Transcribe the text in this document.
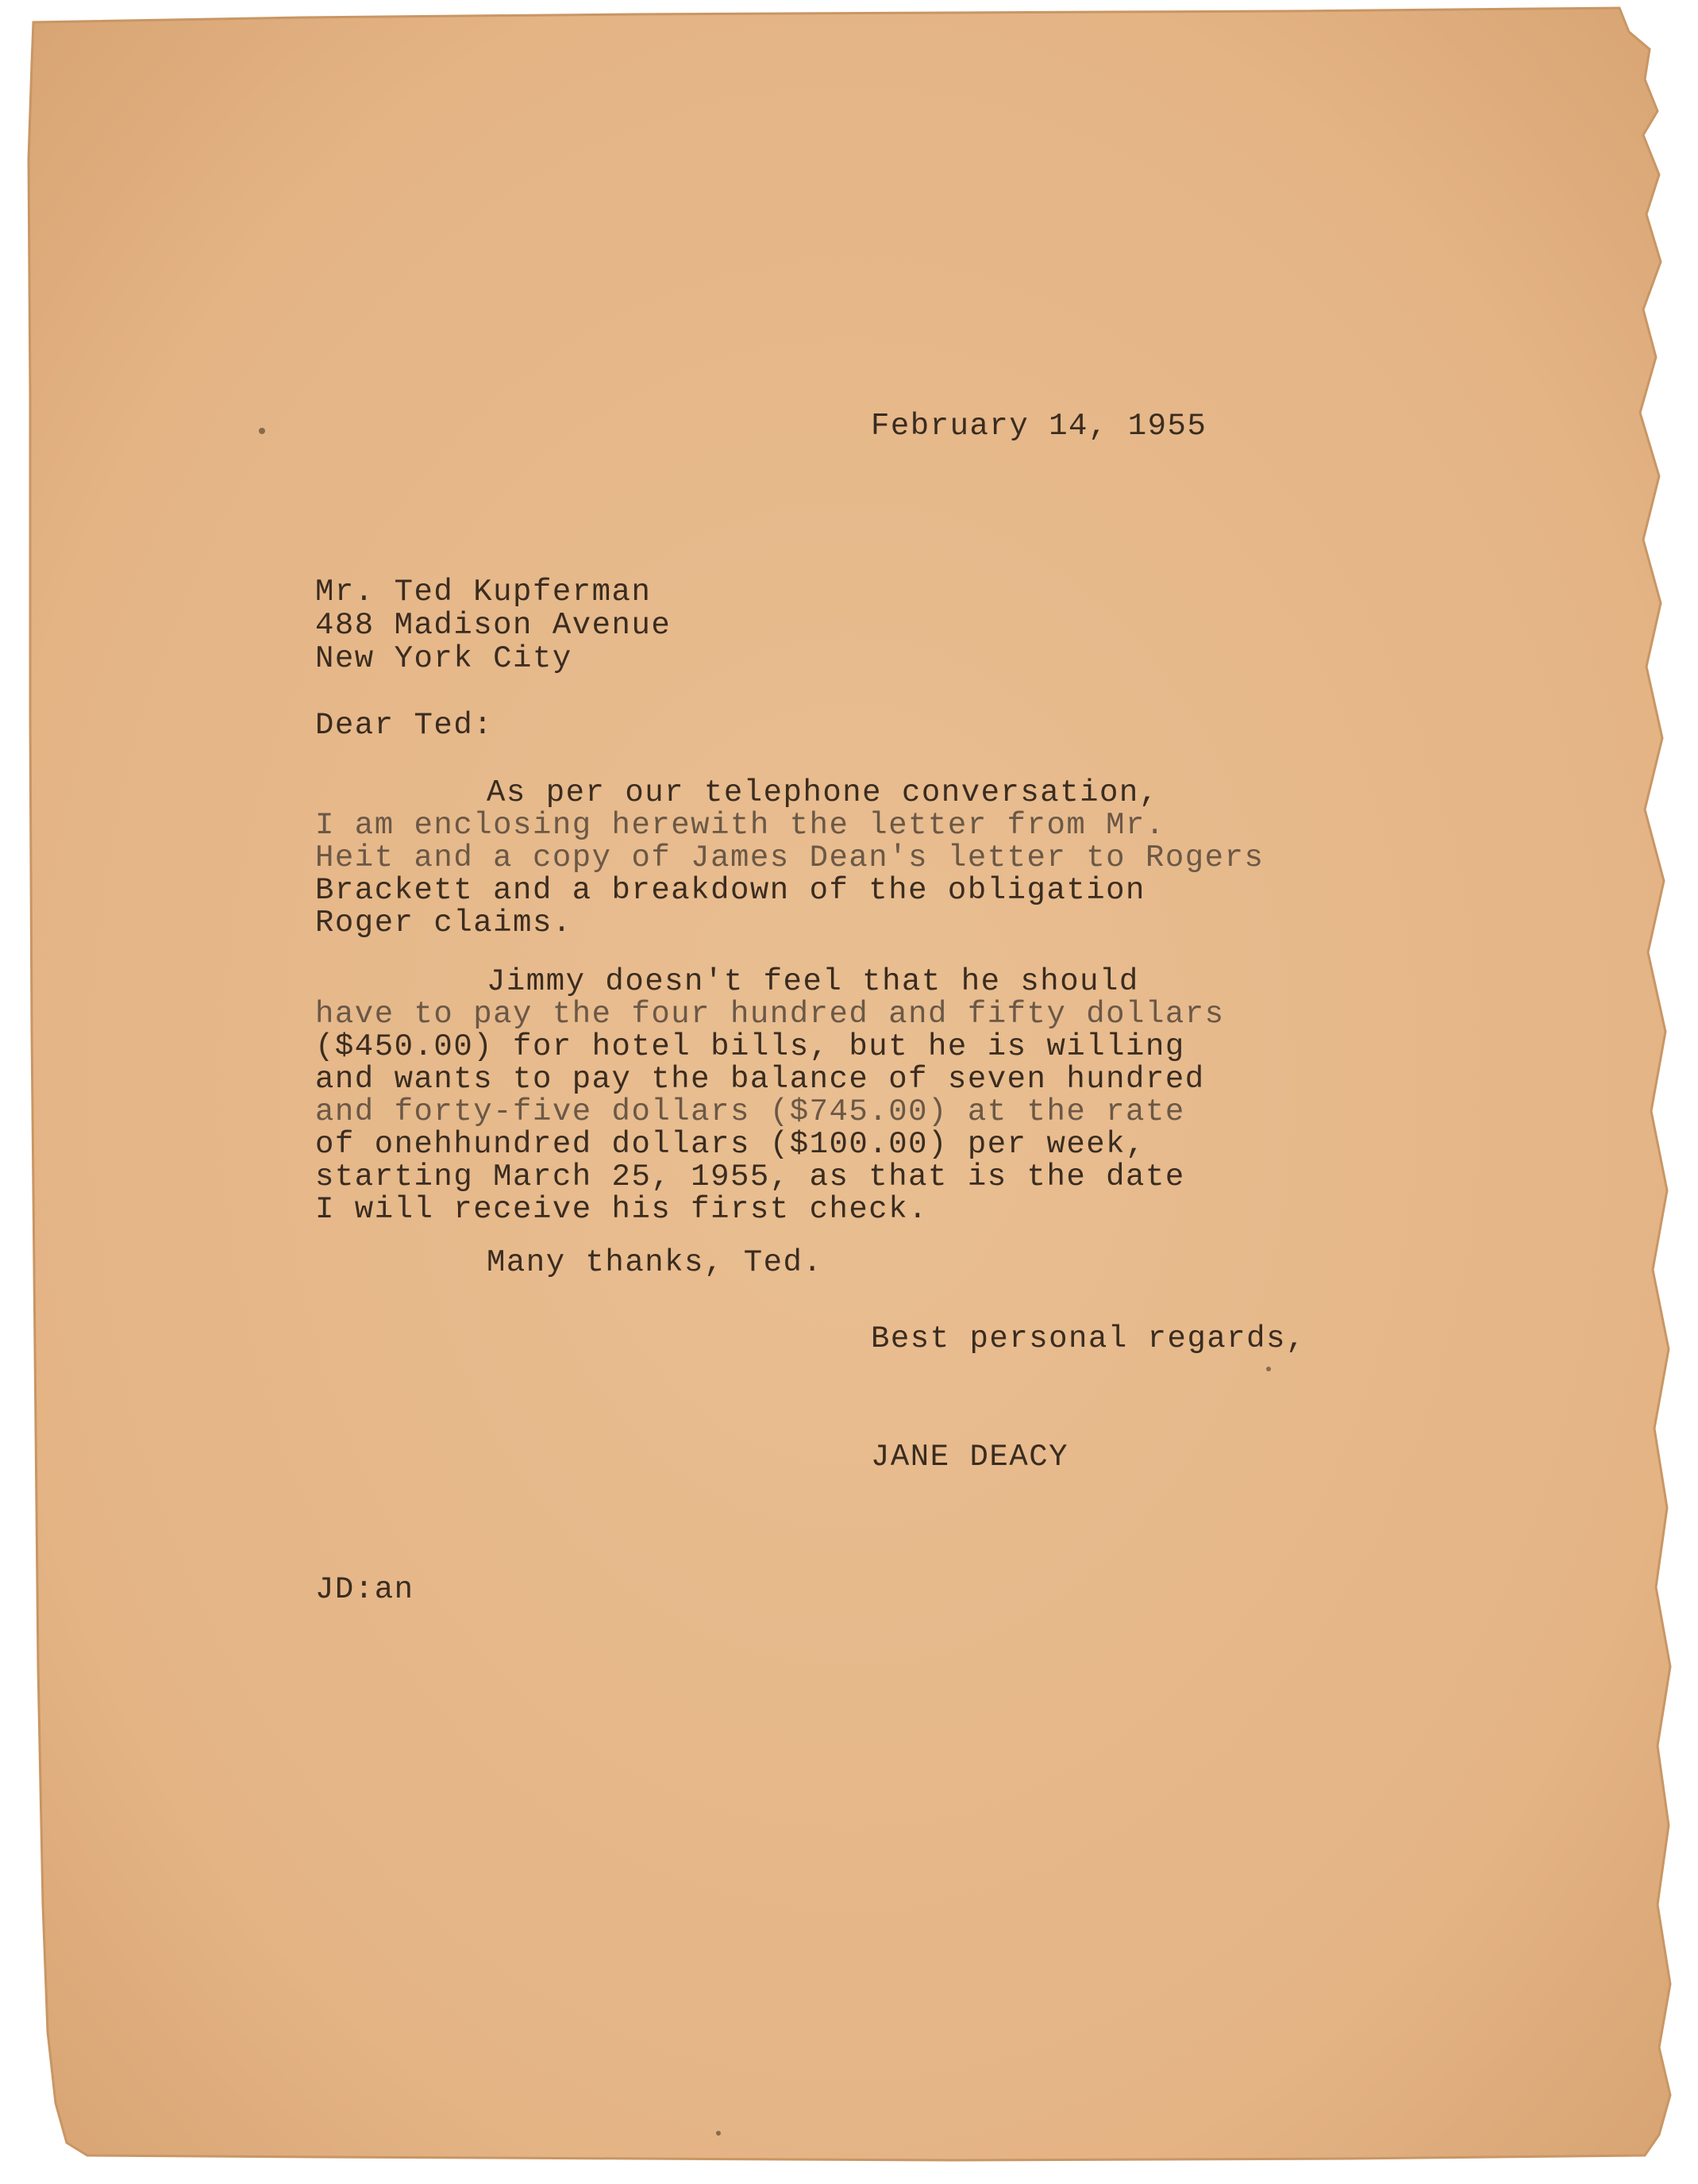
February 14, 1955
Mr. Ted Kupferman
488 Madison Avenue
New York City
Dear Ted:
As per our telephone conversation,
I am enclosing herewith the letter from Mr.
Heit and a copy of James Dean's letter to Rogers
Brackett and a breakdown of the obligation
Roger claims.
Jimmy doesn't feel that he should
have to pay the four hundred and fifty dollars
($450.00) for hotel bills, but he is willing
and wants to pay the balance of seven hundred
and forty-five dollars ($745.00) at the rate
of onehhundred dollars ($100.00) per week,
starting March 25, 1955, as that is the date
I will receive his first check.
Many thanks, Ted.
Best personal regards,
JANE DEACY
JD:an
